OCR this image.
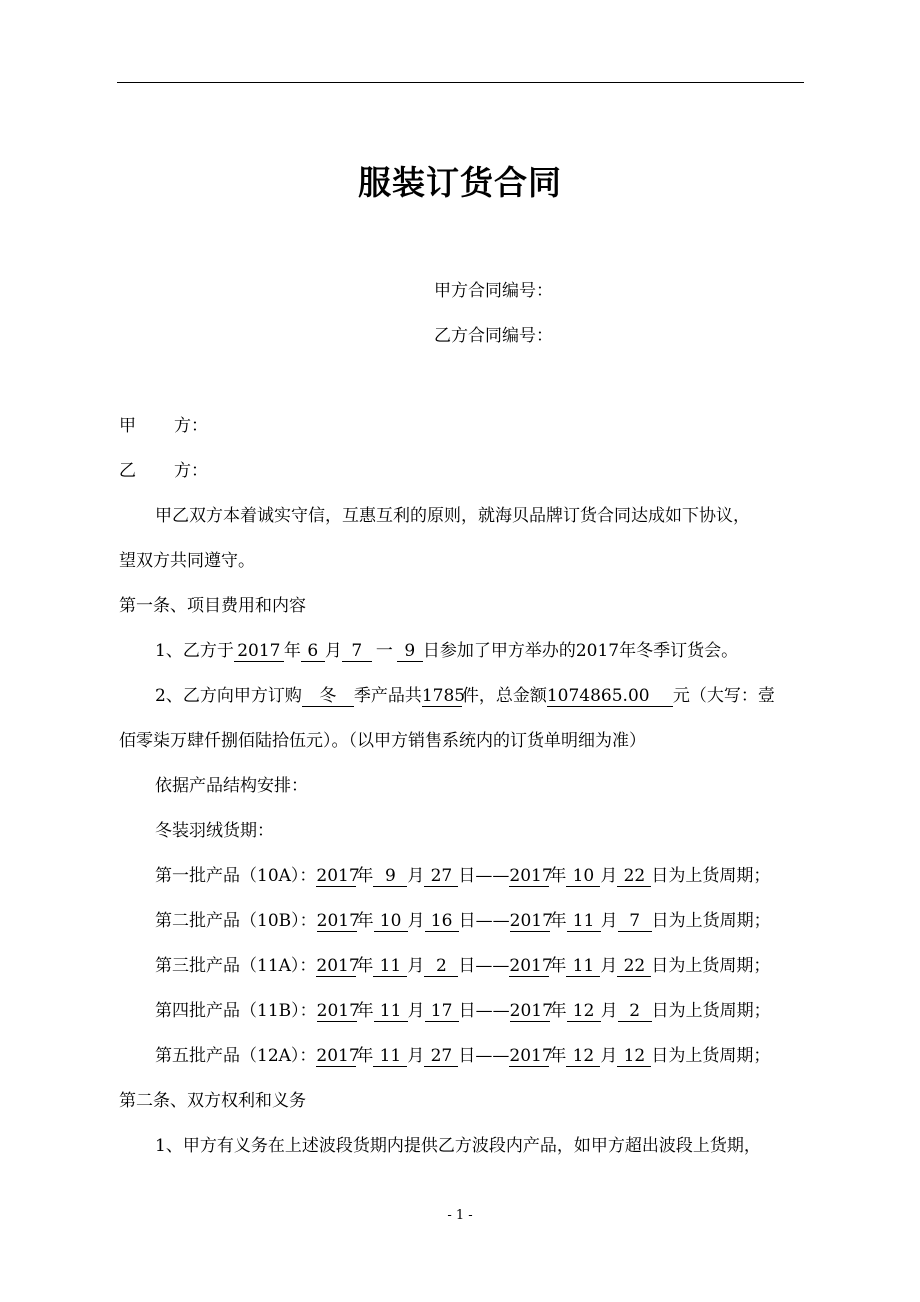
服装订货合同
甲方合同编号：
乙方合同编号：
甲 方：
乙 方：
甲乙双方本着诚实守信，互惠互利的原则，就海贝品牌订货合同达成如下协议，
望双方共同遵守。
第一条、项目费用和内容
1、乙方于 2017 年 6 月 7 一 9 日参加了甲方举办的2017年冬季订货会。
2、乙方向甲方订购 冬 季产品共1785件，总金额1074865.00 元（大写：壹
佰零柒万肆仟捌佰陆拾伍元）。（以甲方销售系统内的订货单明细为准）
依据产品结构安排：
冬装羽绒货期：
第一批产品（10A）：2017年 9 月 27 日——2017年 10 月 22 日为上货周期；
第二批产品（10B）：2017年 10 月 16 日——2017年 11 月 7 日为上货周期；
第三批产品（11A）：2017年 11 月 2 日——2017年 11 月 22 日为上货周期；
第四批产品（11B）：2017年 11 月 17 日——2017年 12 月 2 日为上货周期；
第五批产品（12A）：2017年 11 月 27 日——2017年 12 月 12 日为上货周期；
第二条、双方权利和义务
1、甲方有义务在上述波段货期内提供乙方波段内产品，如甲方超出波段上货期，
- 1 -
